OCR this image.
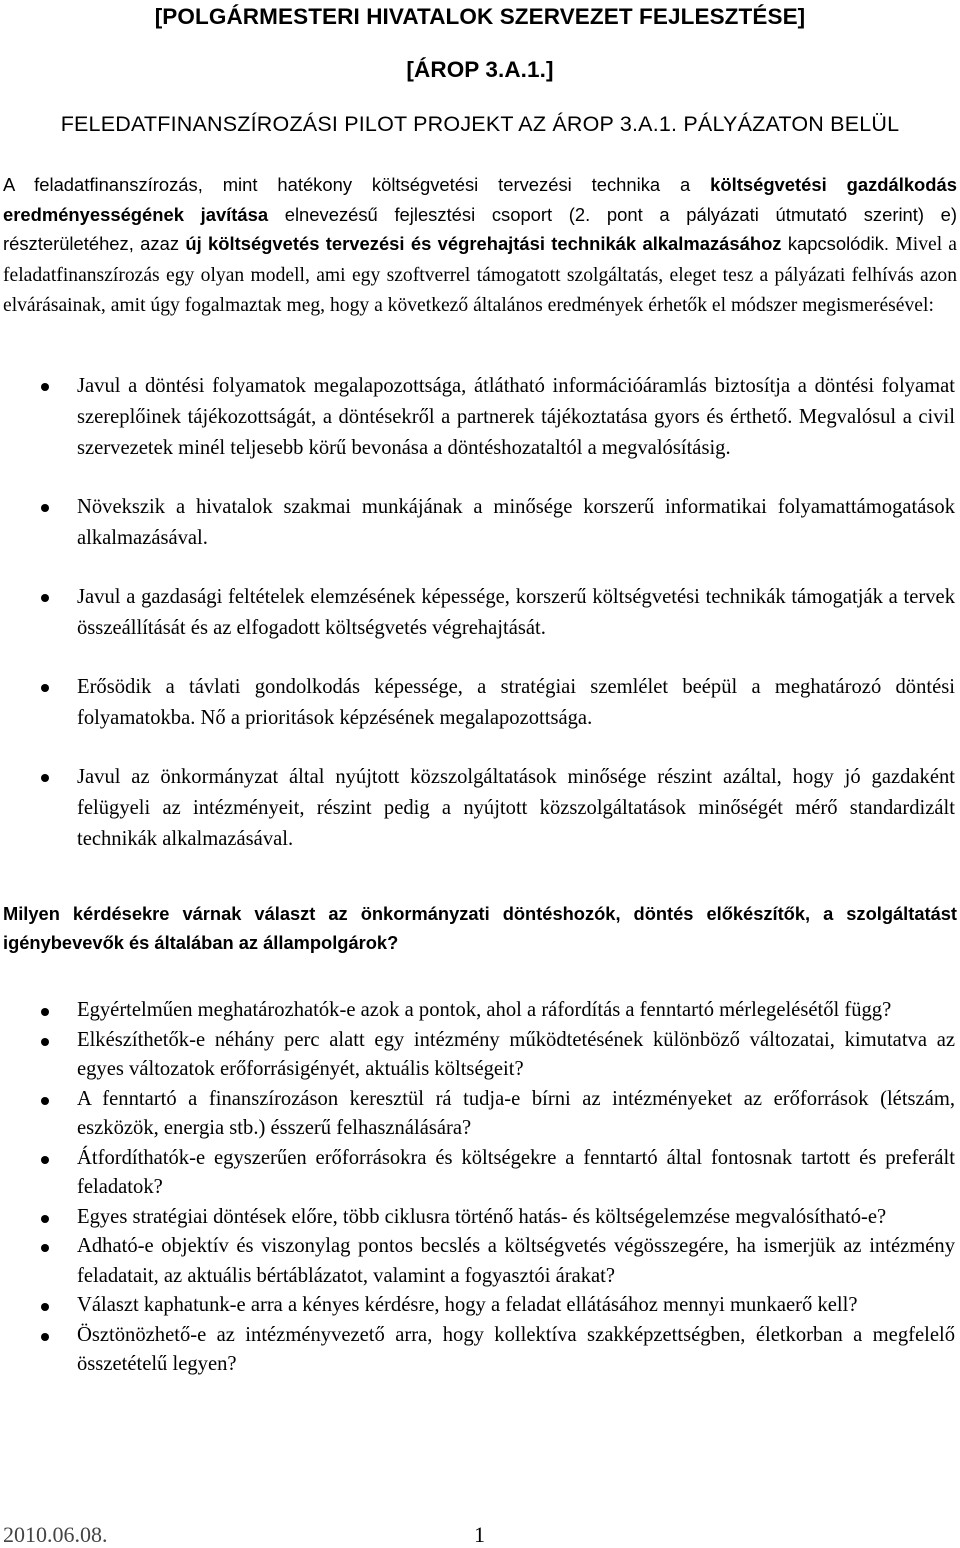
[POLGÁRMESTERI HIVATALOK SZERVEZET FEJLESZTÉSE]
[ÁROP 3.A.1.]
FELEDATFINANSZÍROZÁSI PILOT PROJEKT AZ ÁROP 3.A.1. PÁLYÁZATON BELÜL
A feladatfinanszírozás, mint hatékony költségvetési tervezési technika a költségvetési gazdálkodás eredményességének javítása elnevezésű fejlesztési csoport (2. pont a pályázati útmutató szerint) e) részterületéhez, azaz új költségvetés tervezési és végrehajtási technikák alkalmazásához kapcsolódik. Mivel a feladatfinanszírozás egy olyan modell, ami egy szoftverrel támogatott szolgáltatás, eleget tesz a pályázati felhívás azon elvárásainak, amit úgy fogalmaztak meg, hogy a következő általános eredmények érhetők el módszer megismerésével:
Javul a döntési folyamatok megalapozottsága, átlátható információáramlás biztosítja a döntési folyamat szereplőinek tájékozottságát, a döntésekről a partnerek tájékoztatása gyors és érthető. Megvalósul a civil szervezetek minél teljesebb körű bevonása a döntéshozataltól a megvalósításig.
Növekszik a hivatalok szakmai munkájának a minősége korszerű informatikai folyamattámogatások alkalmazásával.
Javul a gazdasági feltételek elemzésének képessége, korszerű költségvetési technikák támogatják a tervek összeállítását és az elfogadott költségvetés végrehajtását.
Erősödik a távlati gondolkodás képessége, a stratégiai szemlélet beépül a meghatározó döntési folyamatokba. Nő a prioritások képzésének megalapozottsága.
Javul az önkormányzat által nyújtott közszolgáltatások minősége részint azáltal, hogy jó gazdaként felügyeli az intézményeit, részint pedig a nyújtott közszolgáltatások minőségét mérő standardizált technikák alkalmazásával.
Milyen kérdésekre várnak választ az önkormányzati döntéshozók, döntés előkészítők, a szolgáltatást igénybevevők és általában az állampolgárok?
Egyértelműen meghatározhatók-e azok a pontok, ahol a ráfordítás a fenntartó mérlegelésétől függ?
Elkészíthetők-e néhány perc alatt egy intézmény működtetésének különböző változatai, kimutatva az egyes változatok erőforrásigényét, aktuális költségeit?
A fenntartó a finanszírozáson keresztül rá tudja-e bírni az intézményeket az erőforrások (létszám, eszközök, energia stb.) ésszerű felhasználására?
Átfordíthatók-e egyszerűen erőforrásokra és költségekre a fenntartó által fontosnak tartott és preferált feladatok?
Egyes stratégiai döntések előre, több ciklusra történő hatás- és költségelemzése megvalósítható-e?
Adható-e objektív és viszonylag pontos becslés a költségvetés végösszegére, ha ismerjük az intézmény feladatait, az aktuális bértáblázatot, valamint a fogyasztói árakat?
Választ kaphatunk-e arra a kényes kérdésre, hogy a feladat ellátásához mennyi munkaerő kell?
Ösztönözhető-e az intézményvezető arra, hogy kollektíva szakképzettségben, életkorban a megfelelő összetételű legyen?
2010.06.08.	1
